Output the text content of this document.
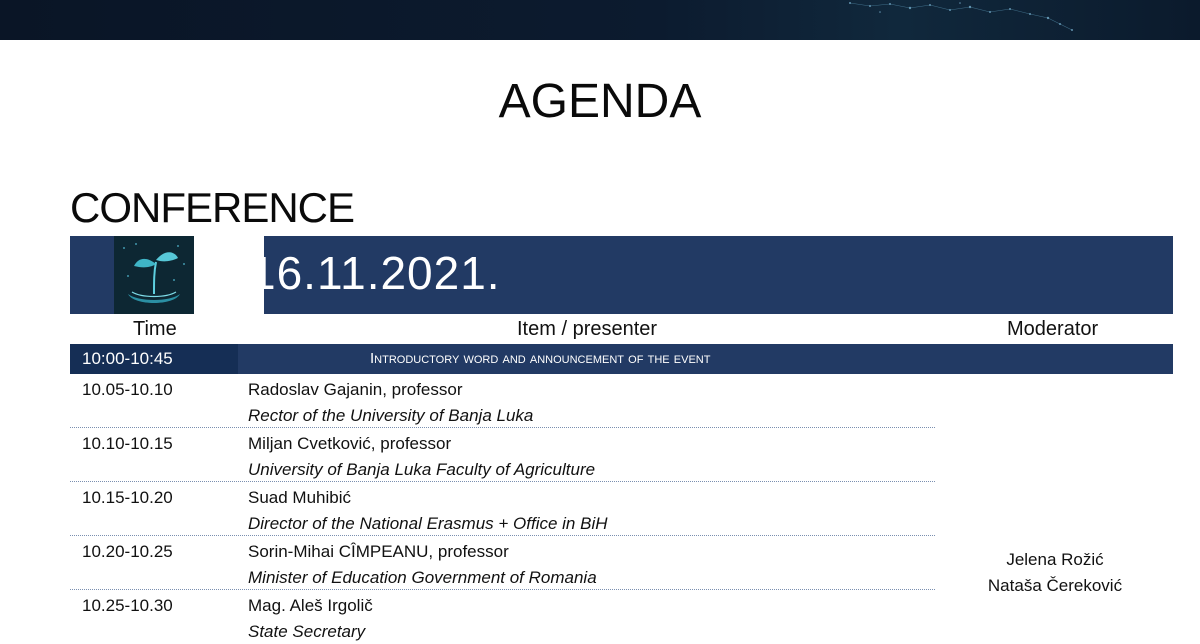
AGENDA
CONFERENCE
16.11.2021.
Time	Item / presenter	Moderator
10:00-10:45	Introductory word and announcement of the event
10.05-10.10	Radoslav Gajanin, professor
Rector of the University of Banja Luka
10.10-10.15	Miljan Cvetković, professor
University of Banja Luka Faculty of Agriculture
10.15-10.20	Suad Muhibić
Director of the National Erasmus + Office in BiH
10.20-10.25	Sorin-Mihai CÎMPEANU, professor
Minister of Education Government of Romania
10.25-10.30	Mag. Aleš Irgolič
State Secretary
Jelena Rožić
Nataša Čereković
